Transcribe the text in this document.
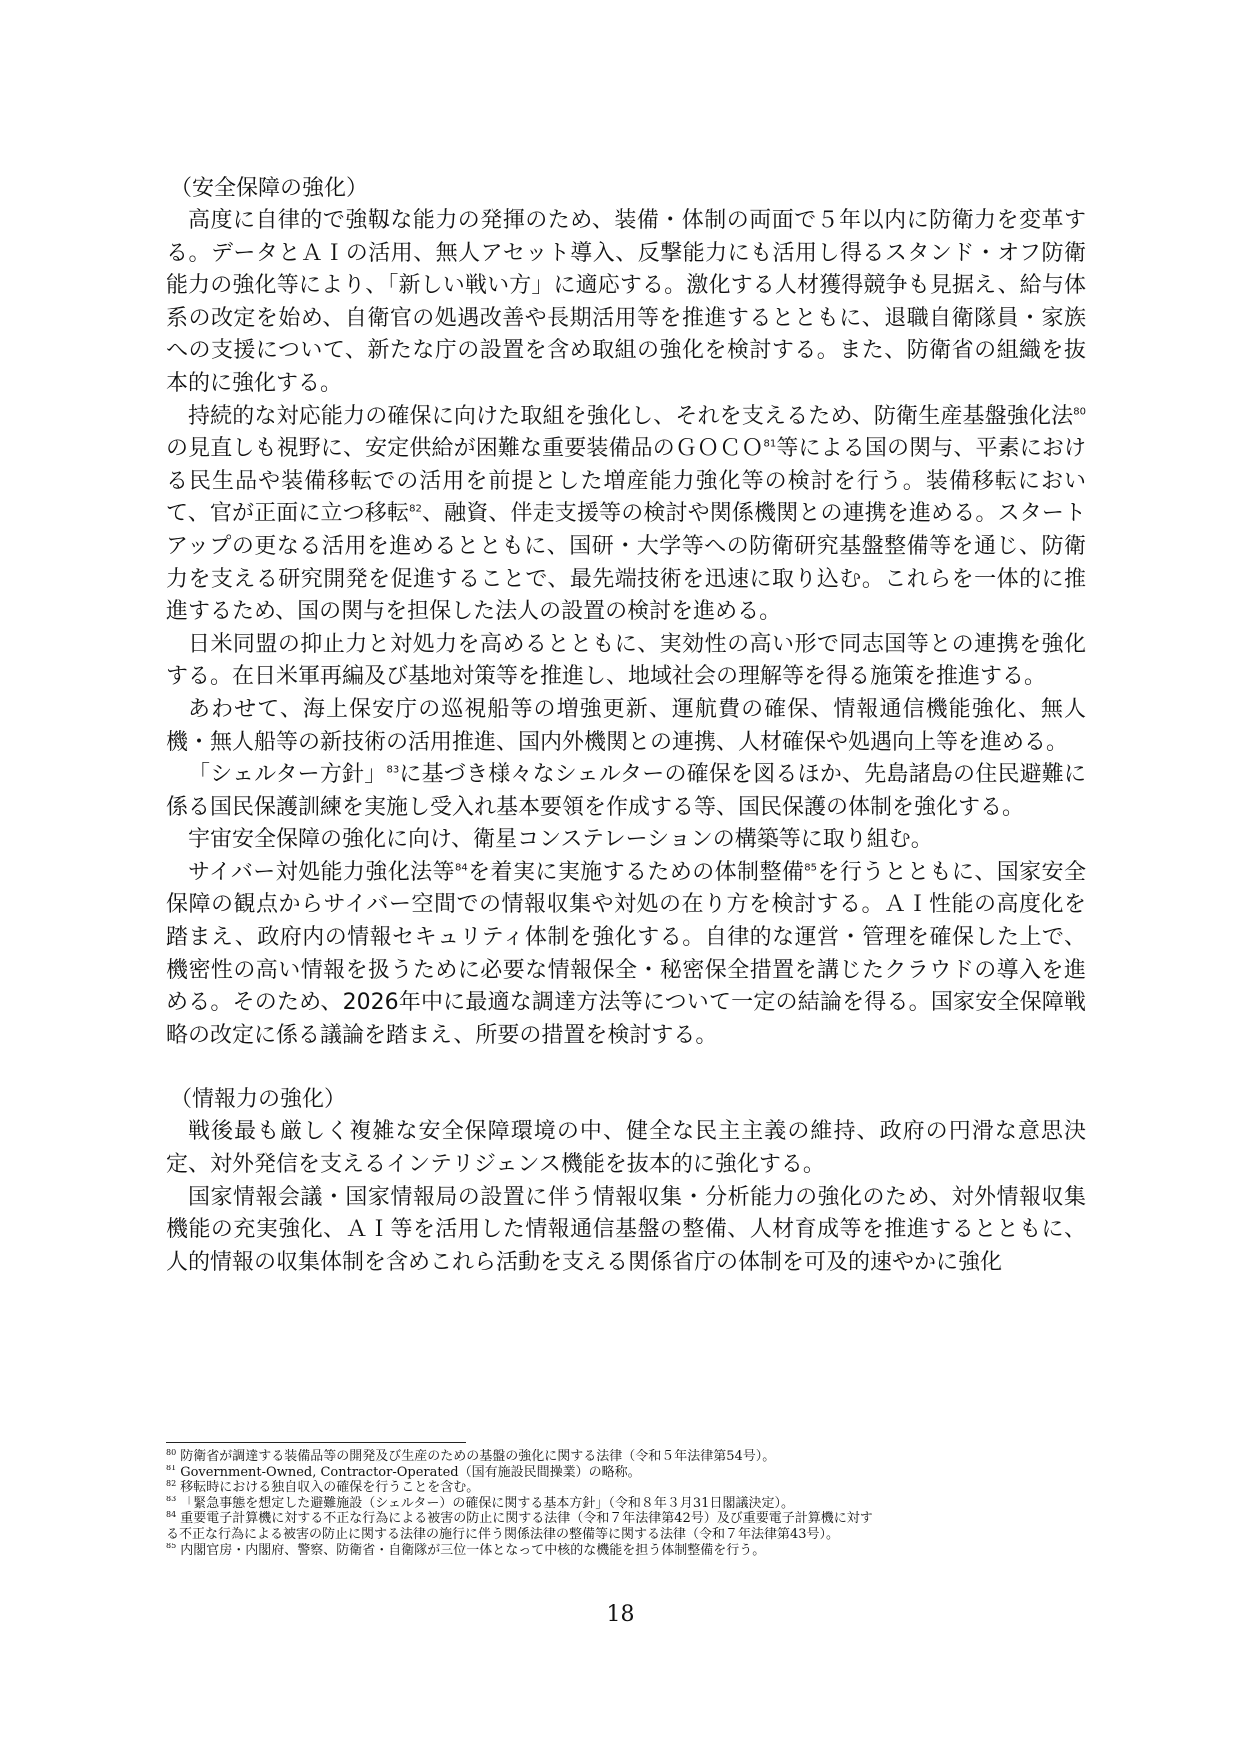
（安全保障の強化）

高度に自律的で強靱な能力の発揮のため、装備・体制の両面で５年以内に防衛力を変革する。データとＡＩの活用、無人アセット導入、反撃能力にも活用し得るスタンド・オフ防衛能力の強化等により、「新しい戦い方」に適応する。激化する人材獲得競争も見据え、給与体系の改定を始め、自衛官の処遇改善や長期活用等を推進するとともに、退職自衛隊員・家族への支援について、新たな庁の設置を含め取組の強化を検討する。また、防衛省の組織を抜本的に強化する。

持続的な対応能力の確保に向けた取組を強化し、それを支えるため、防衛生産基盤強化法$^{80}$の見直しも視野に、安定供給が困難な重要装備品のＧＯＣＯ$^{81}$等による国の関与、平素における民生品や装備移転での活用を前提とした増産能力強化等の検討を行う。装備移転において、官が正面に立つ移転$^{82}$、融資、伴走支援等の検討や関係機関との連携を進める。スタートアップの更なる活用を進めるとともに、国研・大学等への防衛研究基盤整備等を通じ、防衛力を支える研究開発を促進することで、最先端技術を迅速に取り込む。これらを一体的に推進するため、国の関与を担保した法人の設置の検討を進める。

日米同盟の抑止力と対処力を高めるとともに、実効性の高い形で同志国等との連携を強化する。在日米軍再編及び基地対策等を推進し、地域社会の理解等を得る施策を推進する。

あわせて、海上保安庁の巡視船等の増強更新、運航費の確保、情報通信機能強化、無人機・無人船等の新技術の活用推進、国内外機関との連携、人材確保や処遇向上等を進める。

「シェルター方針」$^{83}$に基づき様々なシェルターの確保を図るほか、先島諸島の住民避難に係る国民保護訓練を実施し受入れ基本要領を作成する等、国民保護の体制を強化する。

宇宙安全保障の強化に向け、衛星コンステレーションの構築等に取り組む。

サイバー対処能力強化法等$^{84}$を着実に実施するための体制整備$^{85}$を行うとともに、国家安全保障の観点からサイバー空間での情報収集や対処の在り方を検討する。ＡＩ性能の高度化を踏まえ、政府内の情報セキュリティ体制を強化する。自律的な運営・管理を確保した上で、機密性の高い情報を扱うために必要な情報保全・秘密保全措置を講じたクラウドの導入を進める。そのため、2026年中に最適な調達方法等について一定の結論を得る。国家安全保障戦略の改定に係る議論を踏まえ、所要の措置を検討する。

（情報力の強化）

戦後最も厳しく複雑な安全保障環境の中、健全な民主主義の維持、政府の円滑な意思決定、対外発信を支えるインテリジェンス機能を抜本的に強化する。

国家情報会議・国家情報局の設置に伴う情報収集・分析能力の強化のため、対外情報収集機能の充実強化、ＡＩ等を活用した情報通信基盤の整備、人材育成等を推進するとともに、人的情報の収集体制を含めこれら活動を支える関係省庁の体制を可及的速やかに強化

$^{80}$ 防衛省が調達する装備品等の開発及び生産のための基盤の強化に関する法律（令和５年法律第54号）。

$^{81}$ Government-Owned, Contractor-Operated（国有施設民間操業）の略称。

$^{82}$ 移転時における独自収入の確保を行うことを含む。

$^{83}$ 「緊急事態を想定した避難施設（シェルター）の確保に関する基本方針」（令和８年３月31日閣議決定）。

$^{84}$ 重要電子計算機に対する不正な行為による被害の防止に関する法律（令和７年法律第42号）及び重要電子計算機に対す

る不正な行為による被害の防止に関する法律の施行に伴う関係法律の整備等に関する法律（令和７年法律第43号）。

$^{85}$ 内閣官房・内閣府、警察、防衛省・自衛隊が三位一体となって中核的な機能を担う体制整備を行う。

18
